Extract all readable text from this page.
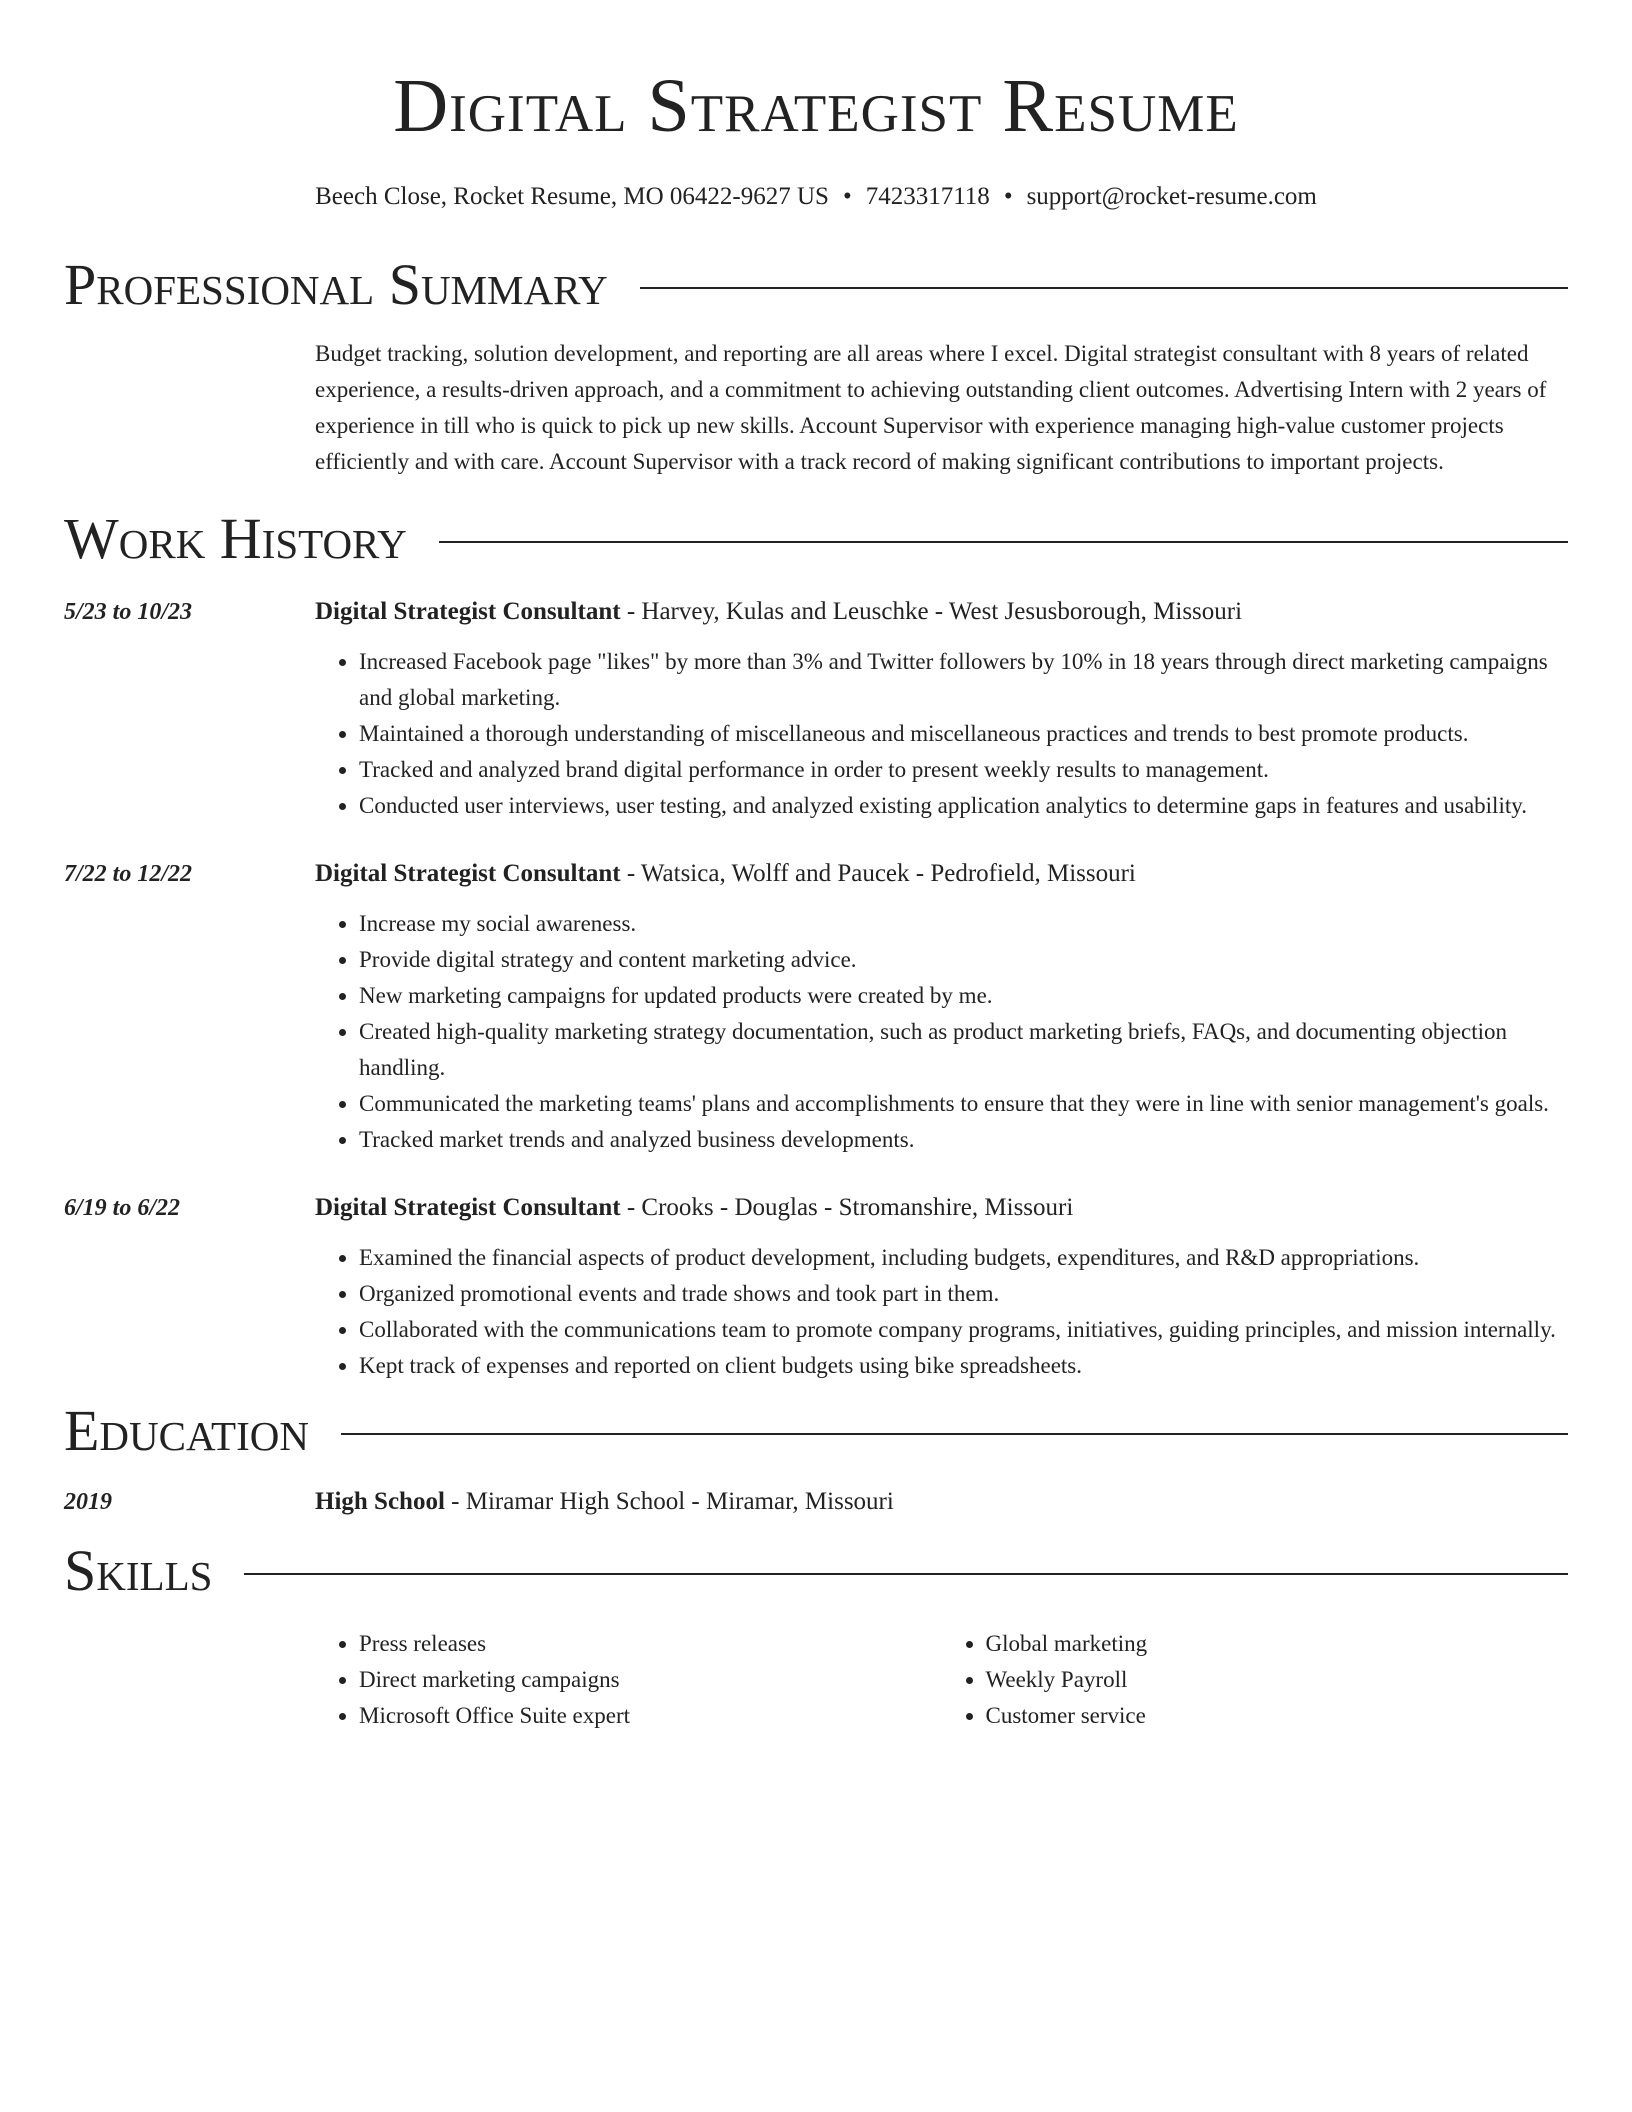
Digital Strategist Resume
Beech Close, Rocket Resume, MO 06422-9627 US • 7423317118 • support@rocket-resume.com
Professional Summary
Budget tracking, solution development, and reporting are all areas where I excel. Digital strategist consultant with 8 years of related experience, a results-driven approach, and a commitment to achieving outstanding client outcomes. Advertising Intern with 2 years of experience in till who is quick to pick up new skills. Account Supervisor with experience managing high-value customer projects efficiently and with care. Account Supervisor with a track record of making significant contributions to important projects.
Work History
5/23 to 10/23	Digital Strategist Consultant - Harvey, Kulas and Leuschke - West Jesusborough, Missouri
• Increased Facebook page "likes" by more than 3% and Twitter followers by 10% in 18 years through direct marketing campaigns and global marketing.
• Maintained a thorough understanding of miscellaneous and miscellaneous practices and trends to best promote products.
• Tracked and analyzed brand digital performance in order to present weekly results to management.
• Conducted user interviews, user testing, and analyzed existing application analytics to determine gaps in features and usability.
7/22 to 12/22	Digital Strategist Consultant - Watsica, Wolff and Paucek - Pedrofield, Missouri
• Increase my social awareness.
• Provide digital strategy and content marketing advice.
• New marketing campaigns for updated products were created by me.
• Created high-quality marketing strategy documentation, such as product marketing briefs, FAQs, and documenting objection handling.
• Communicated the marketing teams' plans and accomplishments to ensure that they were in line with senior management's goals.
• Tracked market trends and analyzed business developments.
6/19 to 6/22	Digital Strategist Consultant - Crooks - Douglas - Stromanshire, Missouri
• Examined the financial aspects of product development, including budgets, expenditures, and R&D appropriations.
• Organized promotional events and trade shows and took part in them.
• Collaborated with the communications team to promote company programs, initiatives, guiding principles, and mission internally.
• Kept track of expenses and reported on client budgets using bike spreadsheets.
Education
2019	High School - Miramar High School - Miramar, Missouri
Skills
• Press releases
• Direct marketing campaigns
• Microsoft Office Suite expert
• Global marketing
• Weekly Payroll
• Customer service
